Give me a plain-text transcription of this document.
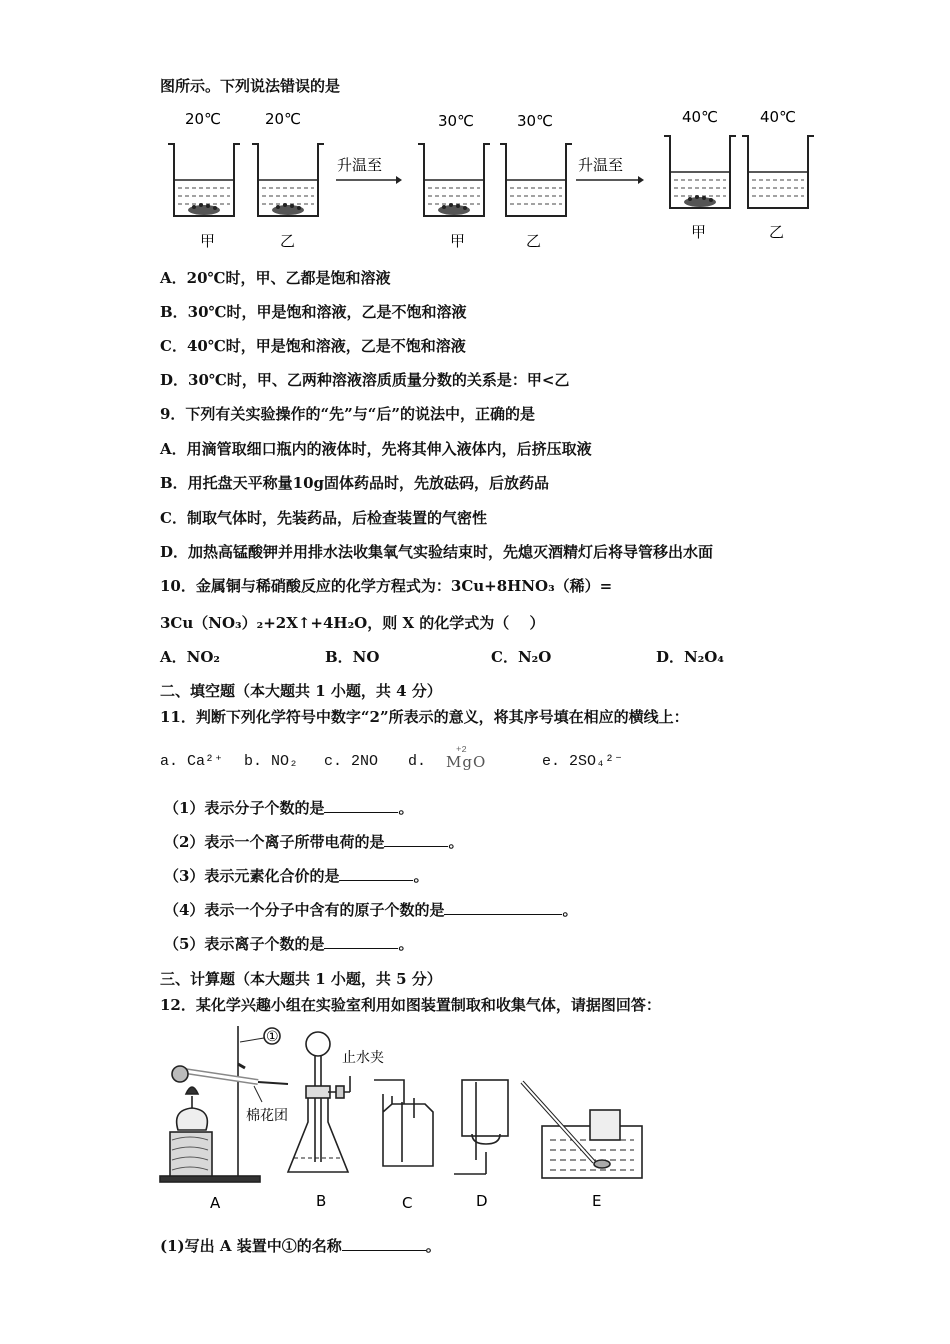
图所示。下列说法错误的是
20℃	20℃
甲	乙
升温至
30℃	30℃
甲	乙
升温至
40℃	40℃
甲	乙
A．20℃时，甲、乙都是饱和溶液
B．30℃时，甲是饱和溶液，乙是不饱和溶液
C．40℃时，甲是饱和溶液，乙是不饱和溶液
D．30℃时，甲、乙两种溶液溶质质量分数的关系是：甲<乙
9．下列有关实验操作的“先”与“后”的说法中，正确的是
A．用滴管取细口瓶内的液体时，先将其伸入液体内，后挤压取液
B．用托盘天平称量10g固体药品时，先放砝码，后放药品
C．制取气体时，先装药品，后检查装置的气密性
D．加热高锰酸钾并用排水法收集氧气实验结束时，先熄灭酒精灯后将导管移出水面
10．金属铜与稀硝酸反应的化学方程式为：3Cu+8HNO₃（稀）=
3Cu（NO₃）₂+2X↑+4H₂O，则 X 的化学式为（　 ）
A．NO₂	B．NO	C．N₂O	D．N₂O₄
二、填空题（本大题共 1 小题，共 4 分）
11．判断下列化学符号中数字“2”所表示的意义，将其序号填在相应的横线上：
a. Ca²⁺ b. NO₂ c. 2NO d.
+2
MgO	e. 2SO₄²⁻
（1）表示分子个数的是	。
（2）表示一个离子所带电荷的是	。
（3）表示元素化合价的是	。
（4）表示一个分子中含有的原子个数的是	。
（5）表示离子个数的是	。
三、计算题（本大题共 1 小题，共 5 分）
12．某化学兴趣小组在实验室利用如图装置制取和收集气体，请据图回答：
①
棉花团
止水夹
A	B	C	D	E
(1)写出 A 装置中①的名称	。
